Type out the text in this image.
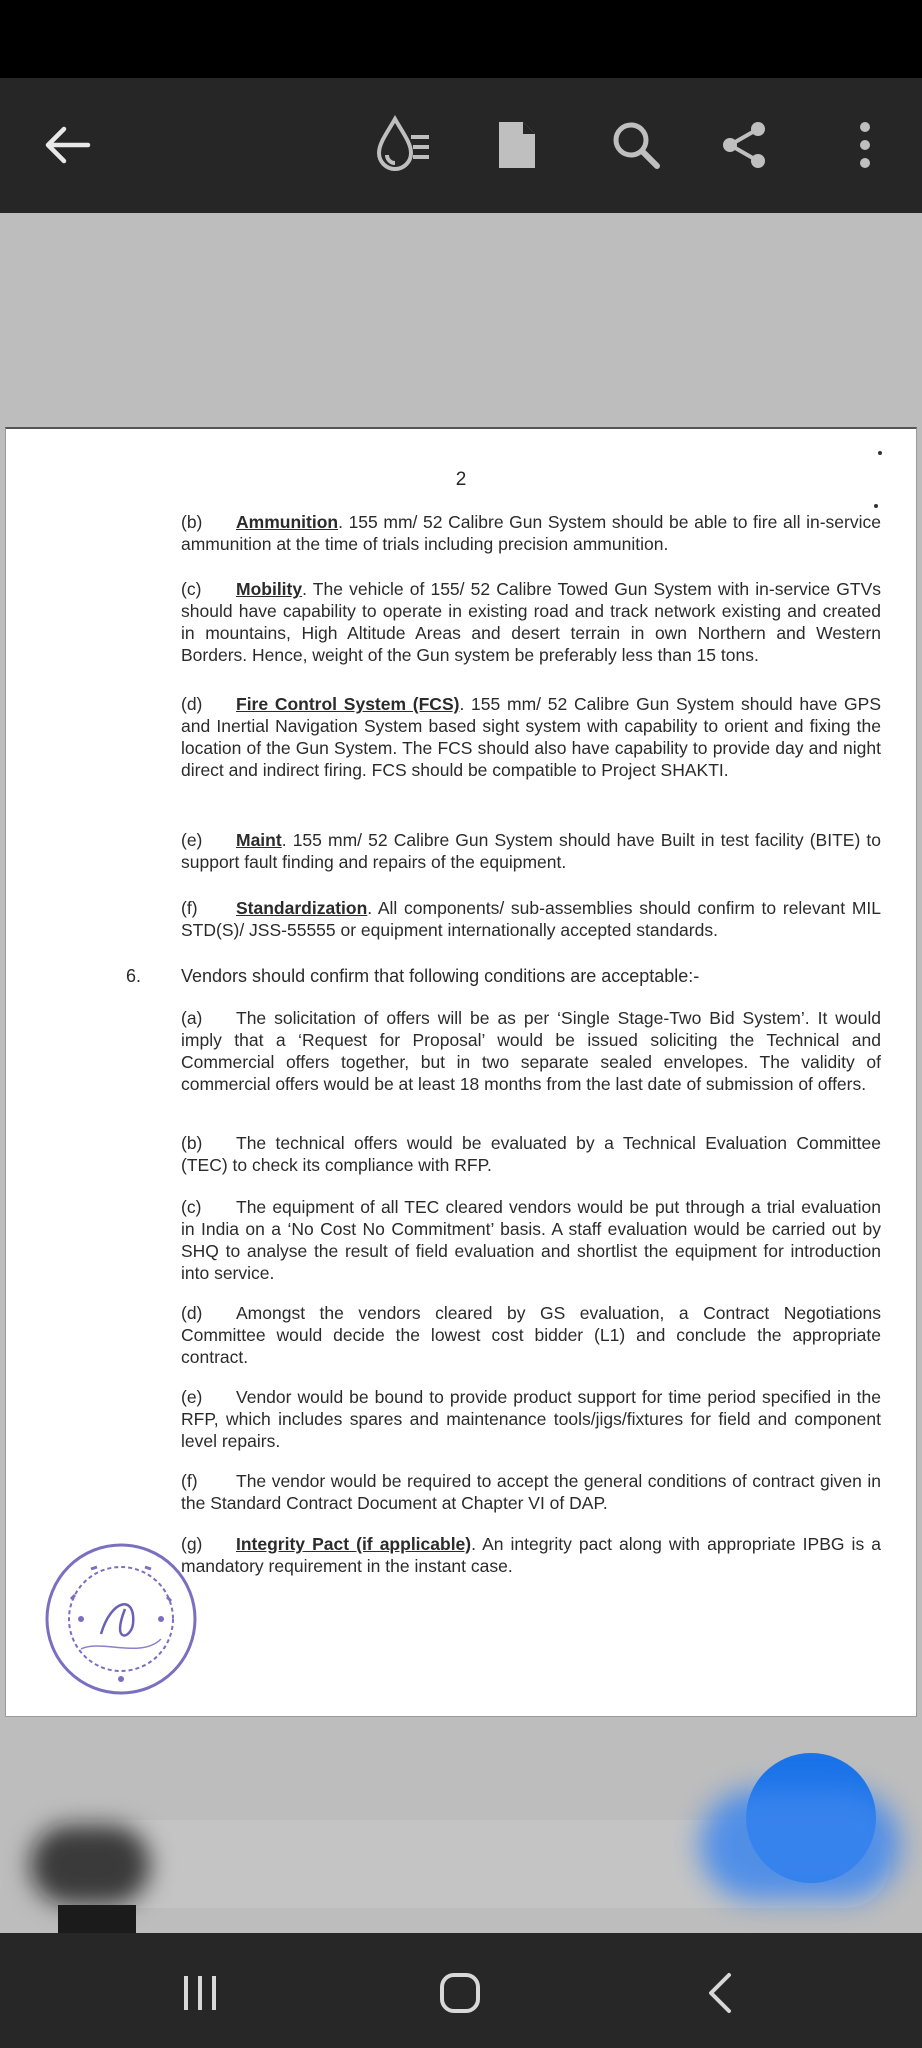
2
(b) Ammunition. 155 mm/ 52 Calibre Gun System should be able to fire all in-service ammunition at the time of trials including precision ammunition.
(c) Mobility. The vehicle of 155/ 52 Calibre Towed Gun System with in-service GTVs should have capability to operate in existing road and track network existing and created in mountains, High Altitude Areas and desert terrain in own Northern and Western Borders. Hence, weight of the Gun system be preferably less than 15 tons.
(d) Fire Control System (FCS). 155 mm/ 52 Calibre Gun System should have GPS and Inertial Navigation System based sight system with capability to orient and fixing the location of the Gun System. The FCS should also have capability to provide day and night direct and indirect firing. FCS should be compatible to Project SHAKTI.
(e) Maint. 155 mm/ 52 Calibre Gun System should have Built in test facility (BITE) to support fault finding and repairs of the equipment.
(f) Standardization. All components/ sub-assemblies should confirm to relevant MIL STD(S)/ JSS-55555 or equipment internationally accepted standards.
6. Vendors should confirm that following conditions are acceptable:-
(a) The solicitation of offers will be as per ‘Single Stage-Two Bid System’. It would imply that a ‘Request for Proposal’ would be issued soliciting the Technical and Commercial offers together, but in two separate sealed envelopes. The validity of commercial offers would be at least 18 months from the last date of submission of offers.
(b) The technical offers would be evaluated by a Technical Evaluation Committee (TEC) to check its compliance with RFP.
(c) The equipment of all TEC cleared vendors would be put through a trial evaluation in India on a ‘No Cost No Commitment’ basis. A staff evaluation would be carried out by SHQ to analyse the result of field evaluation and shortlist the equipment for introduction into service.
(d) Amongst the vendors cleared by GS evaluation, a Contract Negotiations Committee would decide the lowest cost bidder (L1) and conclude the appropriate contract.
(e) Vendor would be bound to provide product support for time period specified in the RFP, which includes spares and maintenance tools/jigs/fixtures for field and component level repairs.
(f) The vendor would be required to accept the general conditions of contract given in the Standard Contract Document at Chapter VI of DAP.
(g) Integrity Pact (if applicable). An integrity pact along with appropriate IPBG is a mandatory requirement in the instant case.
